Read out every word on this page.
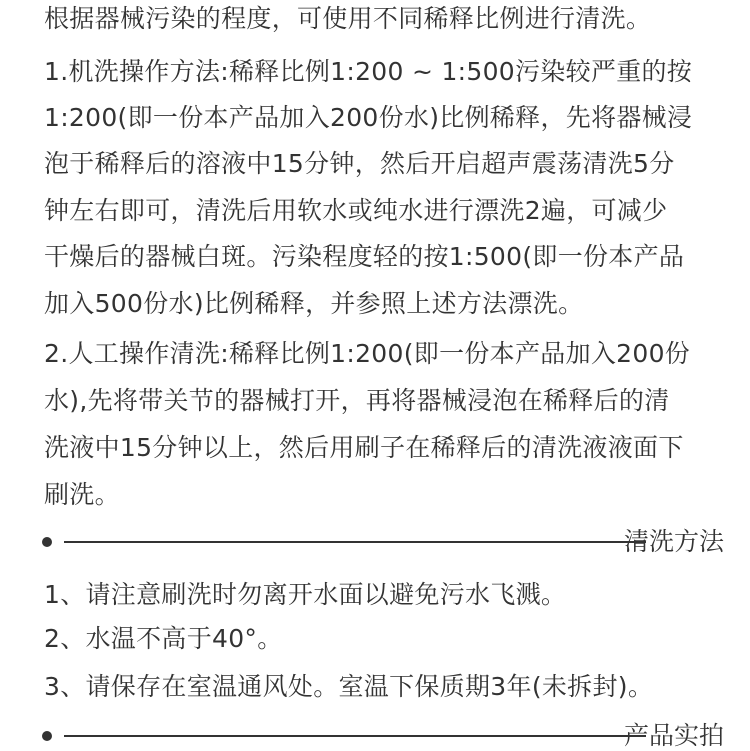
根据器械污染的程度，可使用不同稀释比例进行清洗。
1.机洗操作方法:稀释比例1:200 ~ 1:500污染较严重的按
1:200(即一份本产品加入200份水)比例稀释，先将器械浸
泡于稀释后的溶液中15分钟，然后开启超声震荡清洗5分
钟左右即可，清洗后用软水或纯水进行漂洗2遍，可减少
干燥后的器械白斑。污染程度轻的按1:500(即一份本产品
加入500份水)比例稀释，并参照上述方法漂洗。
2.人工操作清洗:稀释比例1:200(即一份本产品加入200份
水),先将带关节的器械打开，再将器械浸泡在稀释后的清
洗液中15分钟以上，然后用刷子在稀释后的清洗液液面下
刷洗。
清洗方法
1、请注意刷洗时勿离开水面以避免污水飞溅。
2、水温不高于40°。
3、请保存在室温通风处。室温下保质期3年(未拆封)。
产品实拍
